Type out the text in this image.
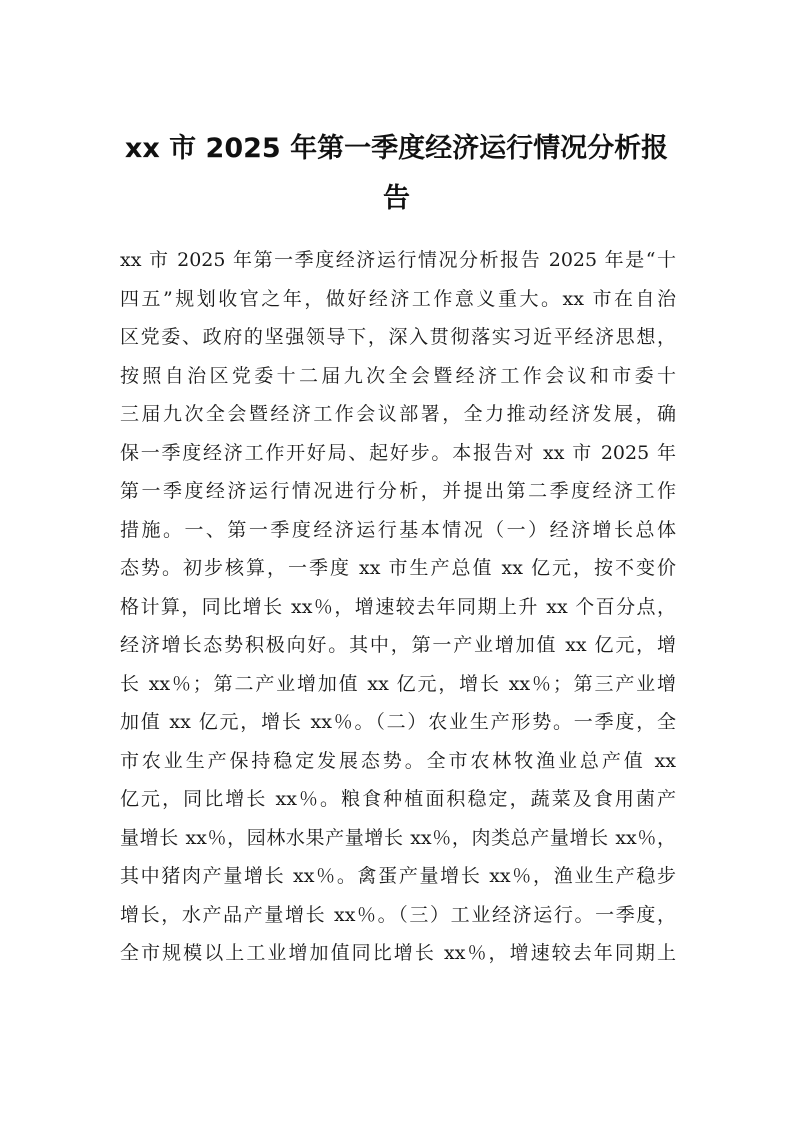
xx 市 2025 年第一季度经济运行情况分析报
告
xx 市 2025 年第一季度经济运行情况分析报告 2025 年是“十
四五”规划收官之年，做好经济工作意义重大。xx 市在自治
区党委、政府的坚强领导下，深入贯彻落实习近平经济思想，
按照自治区党委十二届九次全会暨经济工作会议和市委十
三届九次全会暨经济工作会议部署，全力推动经济发展，确
保一季度经济工作开好局、起好步。本报告对 xx 市 2025 年
第一季度经济运行情况进行分析，并提出第二季度经济工作
措施。一、第一季度经济运行基本情况（一）经济增长总体
态势。初步核算，一季度 xx 市生产总值 xx 亿元，按不变价
格计算，同比增长 xx％，增速较去年同期上升 xx 个百分点，
经济增长态势积极向好。其中，第一产业增加值 xx 亿元，增
长 xx％；第二产业增加值 xx 亿元，增长 xx％；第三产业增
加值 xx 亿元，增长 xx％。（二）农业生产形势。一季度，全
市农业生产保持稳定发展态势。全市农林牧渔业总产值 xx
亿元，同比增长 xx％。粮食种植面积稳定，蔬菜及食用菌产
量增长 xx％，园林水果产量增长 xx％，肉类总产量增长 xx％，
其中猪肉产量增长 xx％。禽蛋产量增长 xx％，渔业生产稳步
增长，水产品产量增长 xx％。（三）工业经济运行。一季度，
全市规模以上工业增加值同比增长 xx％，增速较去年同期上
